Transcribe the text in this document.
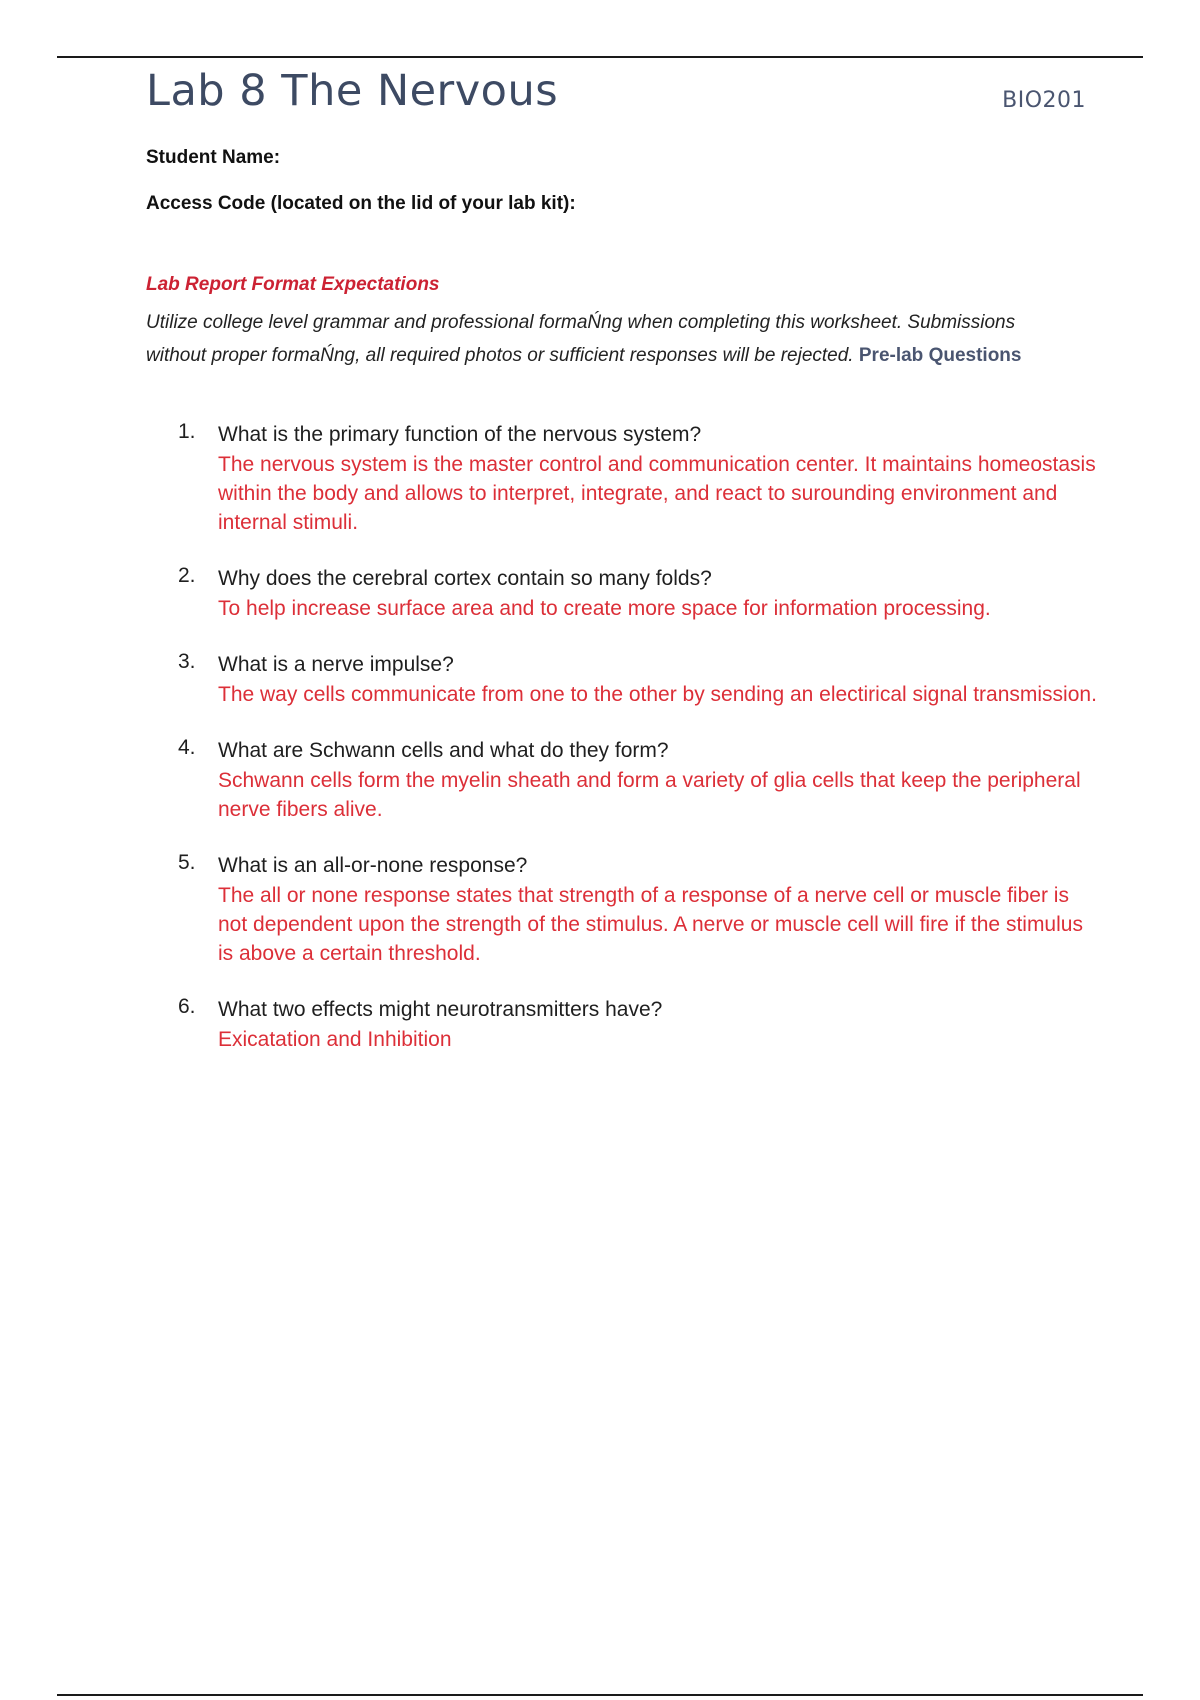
Lab 8 The Nervous	BIO201
Student Name:
Access Code (located on the lid of your lab kit):
Lab Report Format Expectations
Utilize college level grammar and professional formaŃng when completing this worksheet. Submissions without proper formaŃng, all required photos or sufficient responses will be rejected. Pre-lab Questions
1. What is the primary function of the nervous system?
The nervous system is the master control and communication center. It maintains homeostasis within the body and allows to interpret, integrate, and react to surounding environment and internal stimuli.
2. Why does the cerebral cortex contain so many folds?
To help increase surface area and to create more space for information processing.
3. What is a nerve impulse?
The way cells communicate from one to the other by sending an electirical signal transmission.
4. What are Schwann cells and what do they form?
Schwann cells form the myelin sheath and form a variety of glia cells that keep the peripheral nerve fibers alive.
5. What is an all-or-none response?
The all or none response states that strength of a response of a nerve cell or muscle fiber is not dependent upon the strength of the stimulus. A nerve or muscle cell will fire if the stimulus is above a certain threshold.
6. What two effects might neurotransmitters have?
Exicatation and Inhibition
